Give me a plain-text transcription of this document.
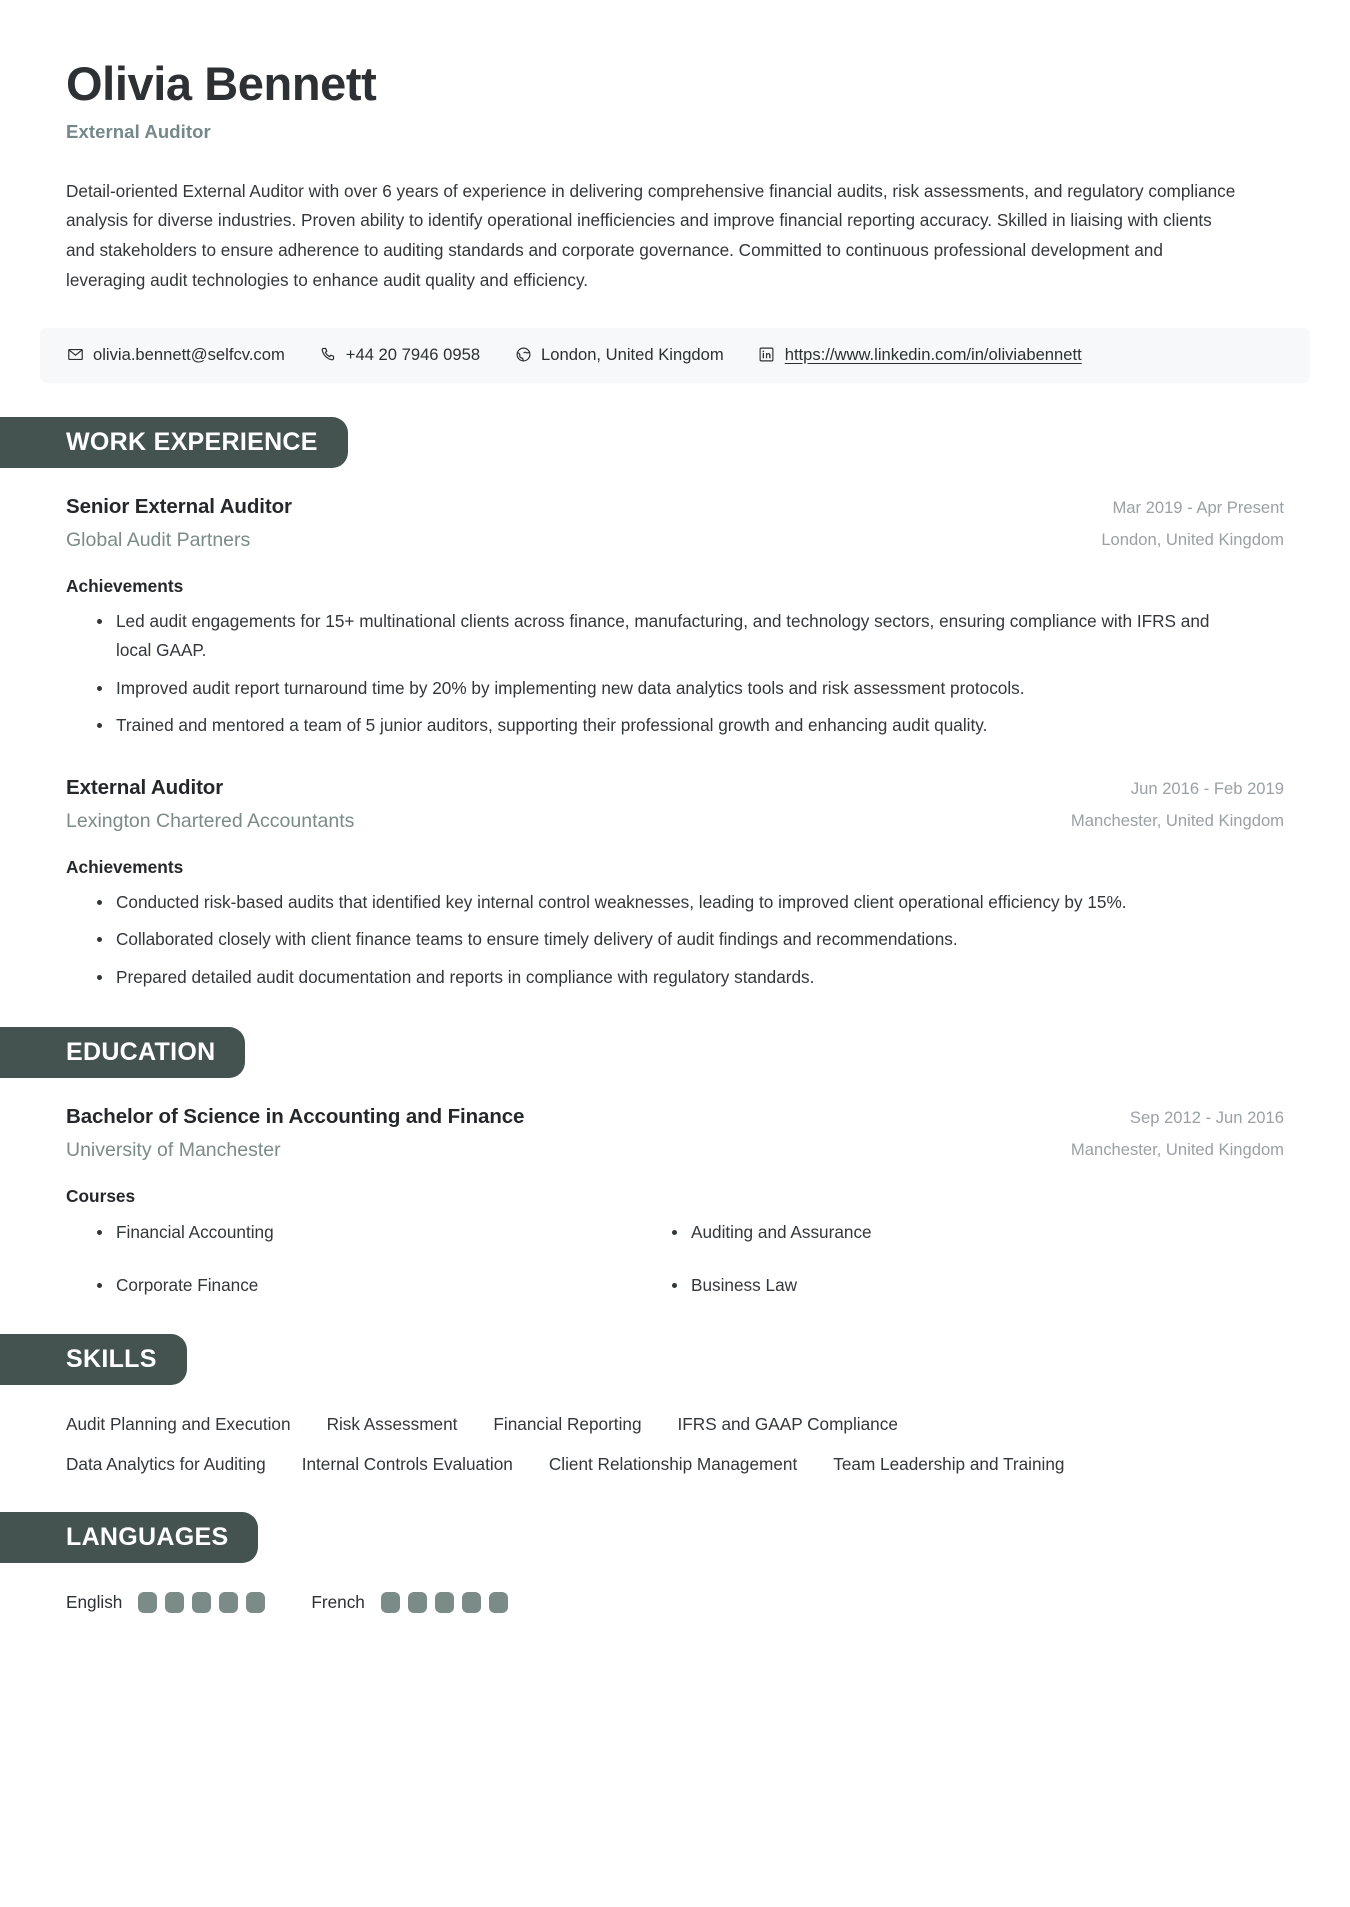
Olivia Bennett
External Auditor

Detail-oriented External Auditor with over 6 years of experience in delivering comprehensive financial audits, risk assessments, and regulatory compliance analysis for diverse industries. Proven ability to identify operational inefficiencies and improve financial reporting accuracy. Skilled in liaising with clients and stakeholders to ensure adherence to auditing standards and corporate governance. Committed to continuous professional development and leveraging audit technologies to enhance audit quality and efficiency.

olivia.bennett@selfcv.com	+44 20 7946 0958	London, United Kingdom	https://www.linkedin.com/in/oliviabennett
WORK EXPERIENCE
Senior External Auditor
Global Audit Partners
Mar 2019 - Apr Present
London, United Kingdom
Achievements
Led audit engagements for 15+ multinational clients across finance, manufacturing, and technology sectors, ensuring compliance with IFRS and local GAAP.
Improved audit report turnaround time by 20% by implementing new data analytics tools and risk assessment protocols.
Trained and mentored a team of 5 junior auditors, supporting their professional growth and enhancing audit quality.
External Auditor
Lexington Chartered Accountants
Jun 2016 - Feb 2019
Manchester, United Kingdom
Achievements
Conducted risk-based audits that identified key internal control weaknesses, leading to improved client operational efficiency by 15%.
Collaborated closely with client finance teams to ensure timely delivery of audit findings and recommendations.
Prepared detailed audit documentation and reports in compliance with regulatory standards.
EDUCATION
Bachelor of Science in Accounting and Finance
University of Manchester
Sep 2012 - Jun 2016
Manchester, United Kingdom
Courses
Financial Accounting	Auditing and Assurance
Corporate Finance	Business Law
SKILLS
Audit Planning and Execution Risk Assessment Financial Reporting IFRS and GAAP Compliance
Data Analytics for Auditing Internal Controls Evaluation Client Relationship Management Team Leadership and Training
LANGUAGES
English	French
